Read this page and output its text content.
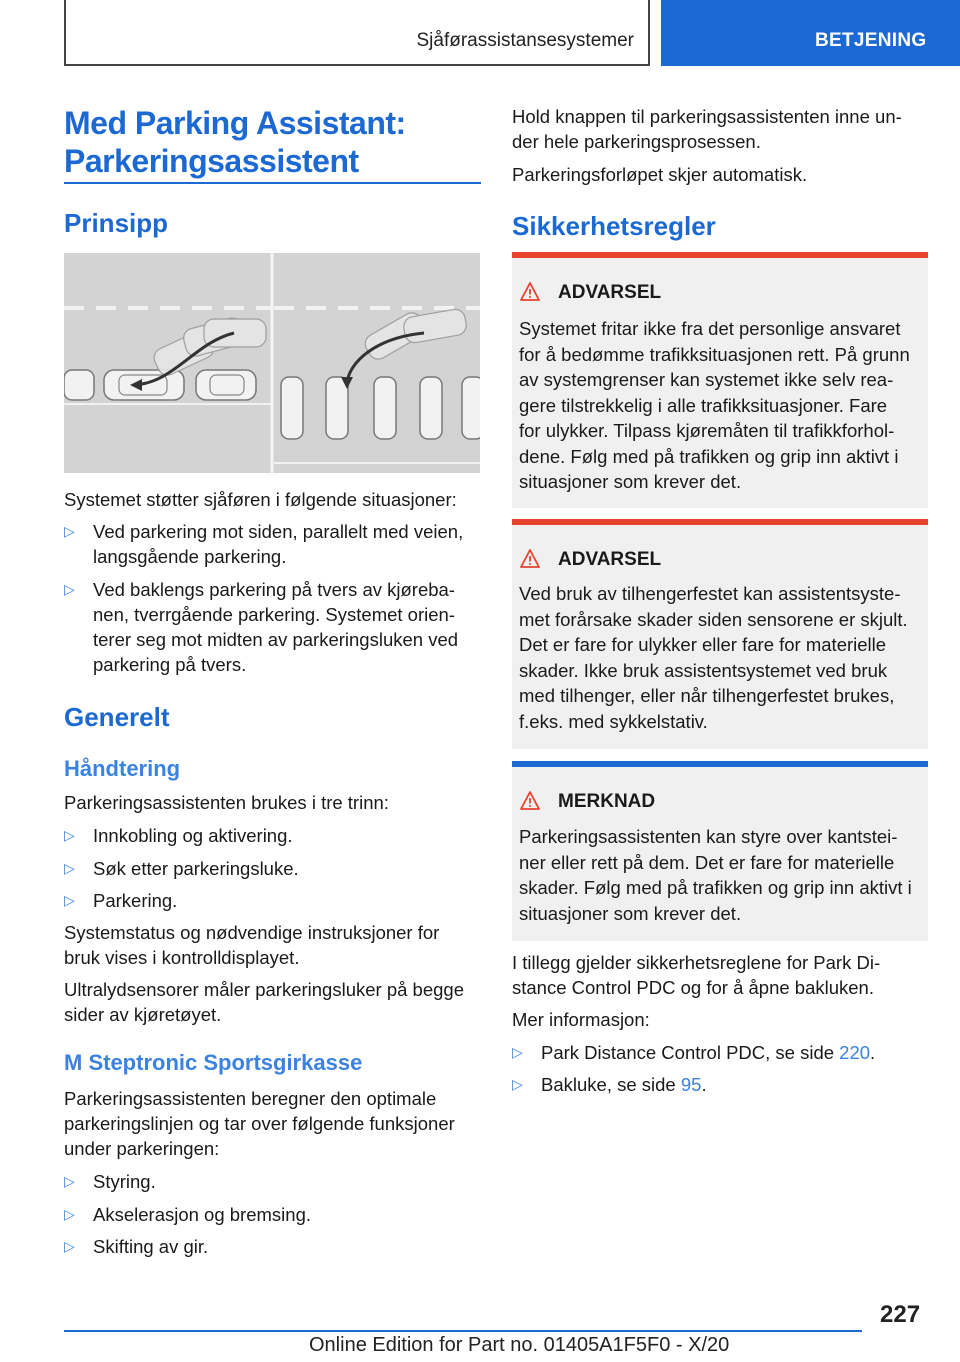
Sjåførassistansesystemer	BETJENING
Med Parking Assistant:
Parkeringsassistent
Prinsipp
Systemet støtter sjåføren i følgende situasjoner:
▷ Ved parkering mot siden, parallelt med veien,
langsgående parkering.
▷ Ved baklengs parkering på tvers av kjøreba-
nen, tverrgående parkering. Systemet orien-
terer seg mot midten av parkeringsluken ved
parkering på tvers.
Generelt
Håndtering
Parkeringsassistenten brukes i tre trinn:
▷ Innkobling og aktivering.
▷ Søk etter parkeringsluke.
▷ Parkering.
Systemstatus og nødvendige instruksjoner for
bruk vises i kontrolldisplayet.
Ultralydsensorer måler parkeringsluker på begge
sider av kjøretøyet.
M Steptronic Sportsgirkasse
Parkeringsassistenten beregner den optimale
parkeringslinjen og tar over følgende funksjoner
under parkeringen:
▷ Styring.
▷ Akselerasjon og bremsing.
▷ Skifting av gir.
Hold knappen til parkeringsassistenten inne un-
der hele parkeringsprosessen.
Parkeringsforløpet skjer automatisk.
Sikkerhetsregler
ADVARSEL
Systemet fritar ikke fra det personlige ansvaret
for å bedømme trafikksituasjonen rett. På grunn
av systemgrenser kan systemet ikke selv rea-
gere tilstrekkelig i alle trafikksituasjoner. Fare
for ulykker. Tilpass kjøremåten til trafikkforhol-
dene. Følg med på trafikken og grip inn aktivt i
situasjoner som krever det.
ADVARSEL
Ved bruk av tilhengerfestet kan assistentsyste-
met forårsake skader siden sensorene er skjult.
Det er fare for ulykker eller fare for materielle
skader. Ikke bruk assistentsystemet ved bruk
med tilhenger, eller når tilhengerfestet brukes,
f.eks. med sykkelstativ.
MERKNAD
Parkeringsassistenten kan styre over kantstei-
ner eller rett på dem. Det er fare for materielle
skader. Følg med på trafikken og grip inn aktivt i
situasjoner som krever det.
I tillegg gjelder sikkerhetsreglene for Park Di-
stance Control PDC og for å åpne bakluken.
Mer informasjon:
▷ Park Distance Control PDC, se side 220.
▷ Bakluke, se side 95.
227
Online Edition for Part no. 01405A1F5F0 - X/20
